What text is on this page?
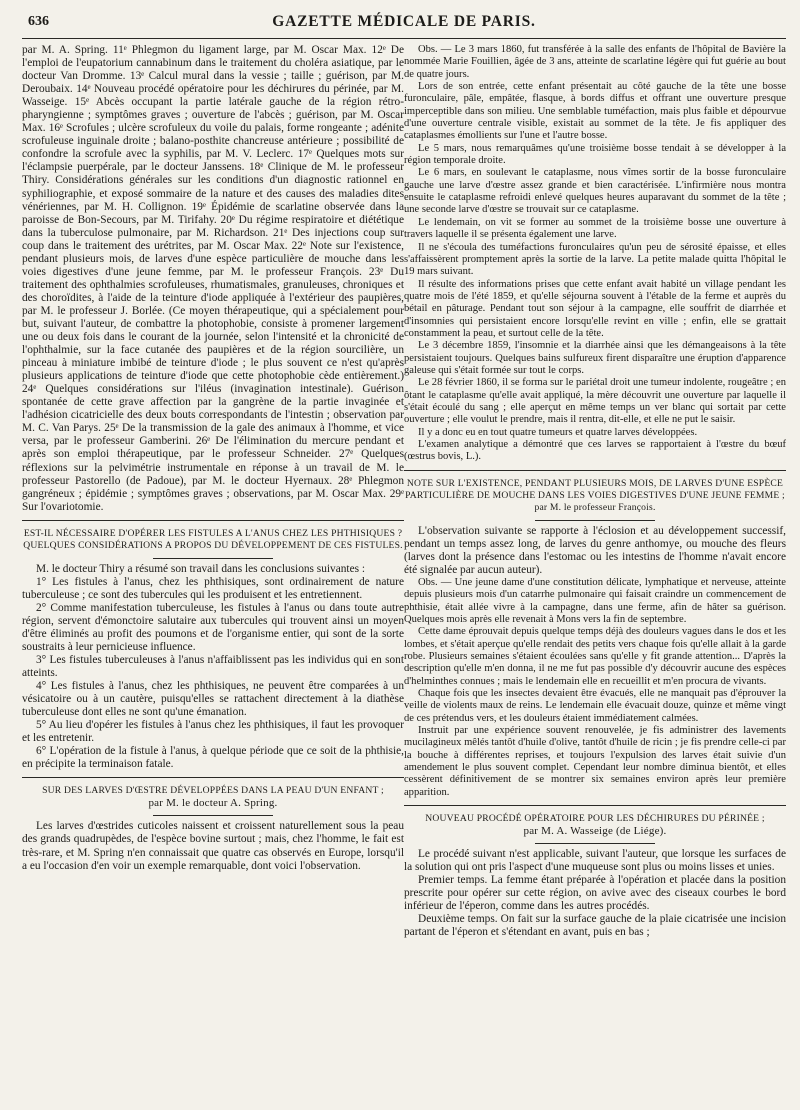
636	GAZETTE MÉDICALE DE PARIS.

par M. A. Spring. 11ᵉ Phlegmon du ligament large, par M. Oscar Max. 12ᵉ De l'emploi de l'eupatorium cannabinum dans le traitement du choléra asiatique, par le docteur Van Dromme. 13ᵉ Calcul mural dans la vessie ; taille ; guérison, par M. Deroubaix. 14ᵉ Nouveau procédé opératoire pour les déchirures du périnée, par M. Wasseige. 15ᵉ Abcès occupant la partie latérale gauche de la région rétro-pharyngienne ; symptômes graves ; ouverture de l'abcès ; guérison, par M. Oscar Max. 16ᵉ Scrofules ; ulcère scrofuleux du voile du palais, forme rongeante ; adénite scrofuleuse inguinale droite ; balano-posthite chancreuse antérieure ; possibilité de confondre la scrofule avec la syphilis, par M. V. Leclerc. 17ᵉ Quelques mots sur l'éclampsie puerpérale, par le docteur Janssens. 18ᵉ Clinique de M. le professeur Thiry. Considérations générales sur les conditions d'un diagnostic rationnel en syphiliographie, et exposé sommaire de la nature et des causes des maladies dites vénériennes, par M. H. Collignon. 19ᵉ Épidémie de scarlatine observée dans la paroisse de Bon-Secours, par M. Tirifahy. 20ᵉ Du régime respiratoire et diététique dans la tuberculose pulmonaire, par M. Richardson. 21ᵉ Des injections coup sur coup dans le traitement des urétrites, par M. Oscar Max. 22ᵉ Note sur l'existence, pendant plusieurs mois, de larves d'une espèce particulière de mouche dans les voies digestives d'une jeune femme, par M. le professeur François. 23ᵉ Du traitement des ophthalmies scrofuleuses, rhumatismales, granuleuses, chroniques et des choroïdites, à l'aide de la teinture d'iode appliquée à l'extérieur des paupières, par M. le professeur J. Borlée. (Ce moyen thérapeutique, qui a spécialement pour but, suivant l'auteur, de combattre la photophobie, consiste à promener largement une ou deux fois dans le courant de la journée, selon l'intensité et la chronicité de l'ophthalmie, sur la face cutanée des paupières et de la région sourcilière, un pinceau à miniature imbibé de teinture d'iode ; le plus souvent ce n'est qu'après plusieurs applications de teinture d'iode que cette photophobie cède entièrement.) 24ᵉ Quelques considérations sur l'iléus (invagination intestinale). Guérison spontanée de cette grave affection par la gangrène de la partie invaginée et l'adhésion cicatricielle des deux bouts correspondants de l'intestin ; observation par M. C. Van Parys. 25ᵉ De la transmission de la gale des animaux à l'homme, et vice versa, par le professeur Gamberini. 26ᵉ De l'élimination du mercure pendant et après son emploi thérapeutique, par le professeur Schneider. 27ᵉ Quelques réflexions sur la pelvimétrie instrumentale en réponse à un travail de M. le professeur Pastorello (de Padoue), par M. le docteur Hyernaux. 28ᵉ Phlegmon gangréneux ; épidémie ; symptômes graves ; observations, par M. Oscar Max. 29ᵉ Sur l'ovariotomie.

EST-IL NÉCESSAIRE D'OPÉRER LES FISTULES A L'ANUS CHEZ LES PHTHISIQUES ? QUELQUES CONSIDÉRATIONS A PROPOS DU DÉVELOPPEMENT DE CES FISTULES.

M. le docteur Thiry a résumé son travail dans les conclusions suivantes :

1° Les fistules à l'anus, chez les phthisiques, sont ordinairement de nature tuberculeuse ; ce sont des tubercules qui les produisent et les entretiennent.

2° Comme manifestation tuberculeuse, les fistules à l'anus ou dans toute autre région, servent d'émonctoire salutaire aux tubercules qui trouvent ainsi un moyen d'être éliminés au profit des poumons et de l'organisme entier, qui sont de la sorte soustraits à leur pernicieuse influence.

3° Les fistules tuberculeuses à l'anus n'affaiblissent pas les individus qui en sont atteints.

4° Les fistules à l'anus, chez les phthisiques, ne peuvent être comparées à un vésicatoire ou à un cautère, puisqu'elles se rattachent directement à la diathèse tuberculeuse dont elles ne sont qu'une émanation.

5° Au lieu d'opérer les fistules à l'anus chez les phthisiques, il faut les provoquer et les entretenir.

6° L'opération de la fistule à l'anus, à quelque période que ce soit de la phthisie, en précipite la terminaison fatale.

SUR DES LARVES D'ŒSTRE DÉVELOPPÉES DANS LA PEAU D'UN ENFANT ;
par M. le docteur A. Spring.

Les larves d'œstrides cuticoles naissent et croissent naturellement sous la peau des grands quadrupèdes, de l'espèce bovine surtout ; mais, chez l'homme, le fait est très-rare, et M. Spring n'en connaissait que quatre cas observés en Europe, lorsqu'il a eu l'occasion d'en voir un exemple remarquable, dont voici l'observation.

Obs. — Le 3 mars 1860, fut transférée à la salle des enfants de l'hôpital de Bavière la nommée Marie Fouillien, âgée de 3 ans, atteinte de scarlatine légère qui fut guérie au bout de quatre jours.

Lors de son entrée, cette enfant présentait au côté gauche de la tête une bosse furonculaire, pâle, empâtée, flasque, à bords diffus et offrant une ouverture presque imperceptible dans son milieu. Une semblable tuméfaction, mais plus faible et dépourvue d'une ouverture centrale visible, existait au sommet de la tête. Je fis appliquer des cataplasmes émollients sur l'une et l'autre bosse.

Le 5 mars, nous remarquâmes qu'une troisième bosse tendait à se développer à la région temporale droite.

Le 6 mars, en soulevant le cataplasme, nous vîmes sortir de la bosse furonculaire gauche une larve d'œstre assez grande et bien caractérisée. L'infirmière nous montra ensuite le cataplasme refroidi enlevé quelques heures auparavant du sommet de la tête ; une seconde larve d'œstre se trouvait sur ce cataplasme.

Le lendemain, on vit se former au sommet de la troisième bosse une ouverture à travers laquelle il se présenta également une larve.

Il ne s'écoula des tuméfactions furonculaires qu'un peu de sérosité épaisse, et elles s'affaissèrent promptement après la sortie de la larve. La petite malade quitta l'hôpital le 19 mars suivant.

Il résulte des informations prises que cette enfant avait habité un village pendant les quatre mois de l'été 1859, et qu'elle séjourna souvent à l'étable de la ferme et auprès du bétail en pâturage. Pendant tout son séjour à la campagne, elle souffrit de diarrhée et d'insomnies qui persistaient encore lorsqu'elle revint en ville ; enfin, elle se grattait constamment la peau, et surtout celle de la tête.

Le 3 décembre 1859, l'insomnie et la diarrhée ainsi que les démangeaisons à la tête persistaient toujours. Quelques bains sulfureux firent disparaître une éruption d'apparence galeuse qui s'était formée sur tout le corps.

Le 28 février 1860, il se forma sur le pariétal droit une tumeur indolente, rougeâtre ; en ôtant le cataplasme qu'elle avait appliqué, la mère découvrit une ouverture par laquelle il s'était écoulé du sang ; elle aperçut en même temps un ver blanc qui sortait par cette ouverture ; elle voulut le prendre, mais il rentra, dit-elle, et elle ne put le saisir.

Il y a donc eu en tout quatre tumeurs et quatre larves développées.

L'examen analytique a démontré que ces larves se rapportaient à l'œstre du bœuf (œstrus bovis, L.).

NOTE SUR L'EXISTENCE, PENDANT PLUSIEURS MOIS, DE LARVES D'UNE ESPÈCE PARTICULIÈRE DE MOUCHE DANS LES VOIES DIGESTIVES D'UNE JEUNE FEMME ; par M. le professeur François.

L'observation suivante se rapporte à l'éclosion et au développement successif, pendant un temps assez long, de larves du genre anthomye, ou mouche des fleurs (larves dont la présence dans l'estomac ou les intestins de l'homme n'avait encore été signalée par aucun auteur).

Obs. — Une jeune dame d'une constitution délicate, lymphatique et nerveuse, atteinte depuis plusieurs mois d'un catarrhe pulmonaire qui faisait craindre un commencement de phthisie, était allée vivre à la campagne, dans une ferme, afin de hâter sa guérison. Quelques mois après elle revenait à Mons vers la fin de septembre.

Cette dame éprouvait depuis quelque temps déjà des douleurs vagues dans le dos et les lombes, et s'était aperçue qu'elle rendait des petits vers chaque fois qu'elle allait à la garde robe. Plusieurs semaines s'étaient écoulées sans qu'elle y fit grande attention... D'après la description qu'elle m'en donna, il ne me fut pas possible d'y découvrir aucune des espèces d'helminthes connues ; mais le lendemain elle en recueillit et m'en procura de vivants.

Chaque fois que les insectes devaient être évacués, elle ne manquait pas d'éprouver la veille de violents maux de reins. Le lendemain elle évacuait douze, quinze et même vingt de ces prétendus vers, et les douleurs étaient immédiatement calmées.

Instruit par une expérience souvent renouvelée, je fis administrer des lavements mucilagineux mêlés tantôt d'huile d'olive, tantôt d'huile de ricin ; je fis prendre celle-ci par la bouche à différentes reprises, et toujours l'expulsion des larves était suivie d'un amendement le plus souvent complet. Cependant leur nombre diminua bientôt, et elles cessèrent définitivement de se montrer six semaines environ après leur première apparition.

NOUVEAU PROCÉDÉ OPÉRATOIRE POUR LES DÉCHIRURES DU PÉRINÉE ;
par M. A. Wasseige (de Liége).

Le procédé suivant n'est applicable, suivant l'auteur, que lorsque les surfaces de la solution qui ont pris l'aspect d'une muqueuse sont plus ou moins lisses et unies.

Premier temps. La femme étant préparée à l'opération et placée dans la position prescrite pour opérer sur cette région, on avive avec des ciseaux courbes le bord inférieur de l'éperon, comme dans les autres procédés.

Deuxième temps. On fait sur la surface gauche de la plaie cicatrisée une incision partant de l'éperon et s'étendant en avant, puis en bas ;
